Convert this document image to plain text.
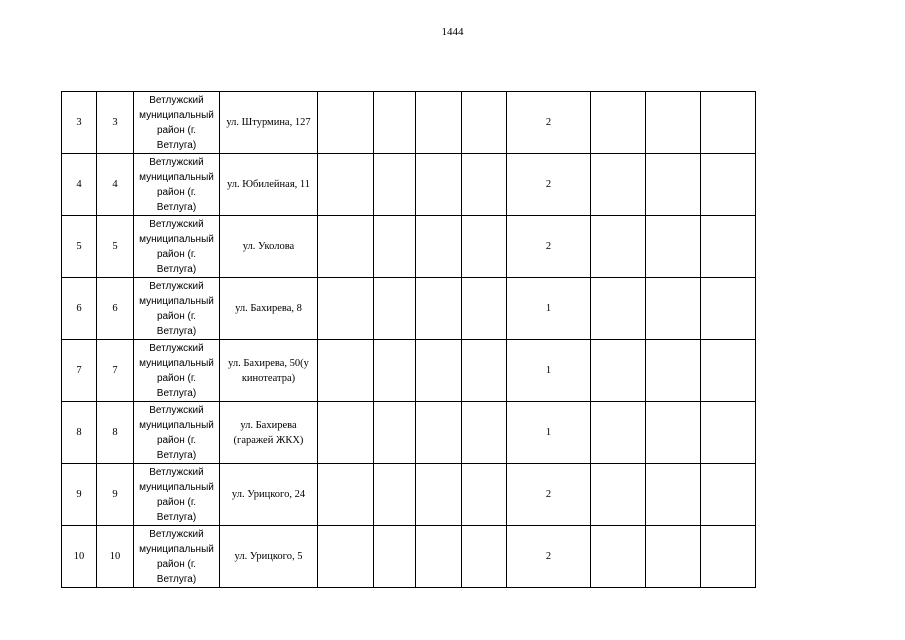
1444
3	3	Ветлужский муниципальный район (г. Ветлуга)	ул. Штурмина, 127					2			
4	4	Ветлужский муниципальный район (г. Ветлуга)	ул. Юбилейная, 11					2			
5	5	Ветлужский муниципальный район (г. Ветлуга)	ул. Уколова					2			
6	6	Ветлужский муниципальный район (г. Ветлуга)	ул. Бахирева, 8					1			
7	7	Ветлужский муниципальный район (г. Ветлуга)	ул. Бахирева, 50(у кинотеатра)					1			
8	8	Ветлужский муниципальный район (г. Ветлуга)	ул. Бахирева (гаражей ЖКХ)					1			
9	9	Ветлужский муниципальный район (г. Ветлуга)	ул. Урицкого, 24					2			
10	10	Ветлужский муниципальный район (г. Ветлуга)	ул. Урицкого, 5					2			
